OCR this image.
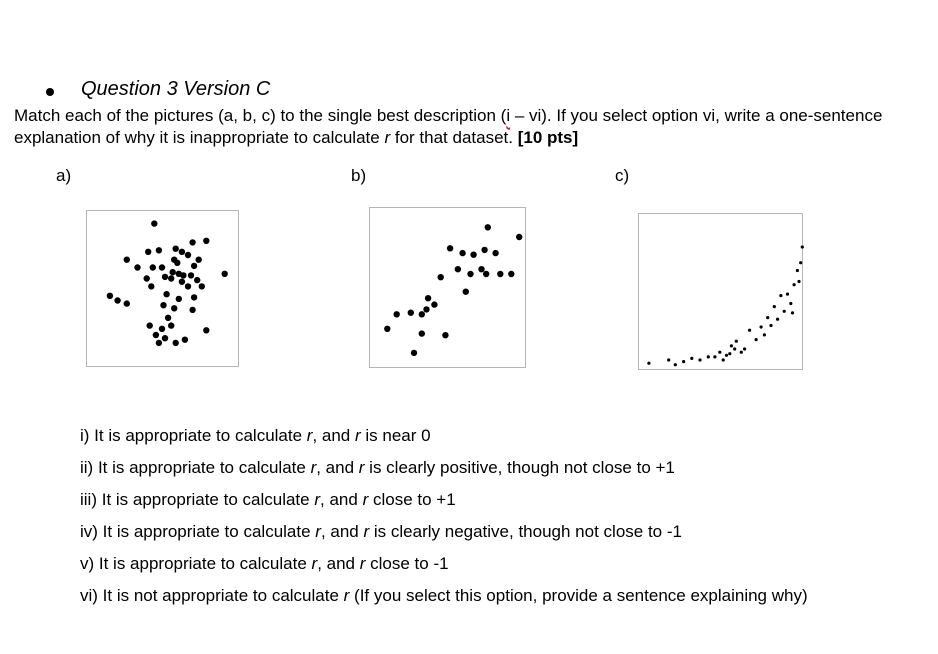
Question 3 Version C
Match each of the pictures (a, b, c) to the single best description (i – vi). If you select option vi, write a one-sentence explanation of why it is inappropriate to calculate r for that dataset. [10 pts]
a)	b)	c)
i) It is appropriate to calculate r, and r is near 0
ii) It is appropriate to calculate r, and r is clearly positive, though not close to +1
iii) It is appropriate to calculate r, and r close to +1
iv) It is appropriate to calculate r, and r is clearly negative, though not close to -1
v) It is appropriate to calculate r, and r close to -1
vi) It is not appropriate to calculate r (If you select this option, provide a sentence explaining why)
